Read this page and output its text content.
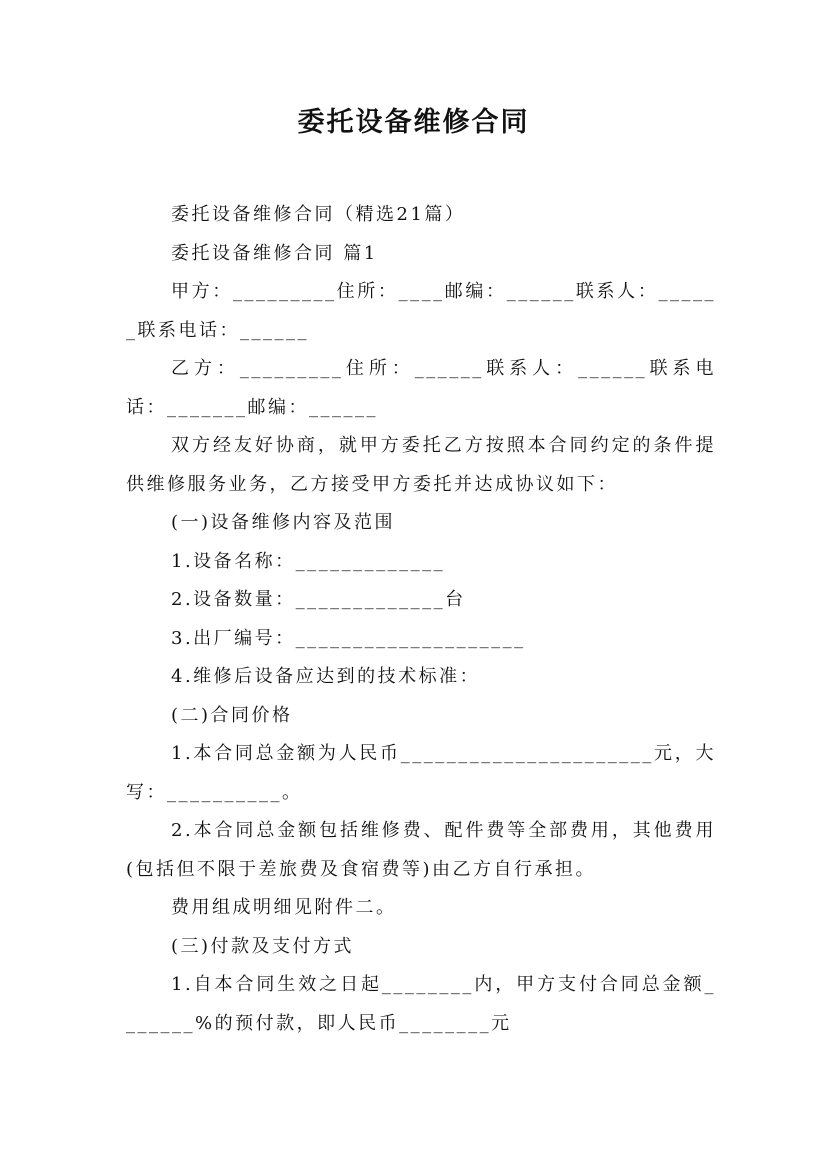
委托设备维修合同

委托设备维修合同（精选21篇）

委托设备维修合同 篇1

甲方：_________住所：____邮编：______联系人：______联系电话：______

乙方：_________住所：______联系人：______联系电话：_______邮编：______

双方经友好协商，就甲方委托乙方按照本合同约定的条件提供维修服务业务，乙方接受甲方委托并达成协议如下：

(一)设备维修内容及范围

1.设备名称：_____________

2.设备数量：_____________台

3.出厂编号：____________________

4.维修后设备应达到的技术标准：

(二)合同价格

1.本合同总金额为人民币______________________元，大写：__________。

2.本合同总金额包括维修费、配件费等全部费用，其他费用(包括但不限于差旅费及食宿费等)由乙方自行承担。

费用组成明细见附件二。

(三)付款及支付方式

1.自本合同生效之日起________内，甲方支付合同总金额_______%的预付款，即人民币________元
